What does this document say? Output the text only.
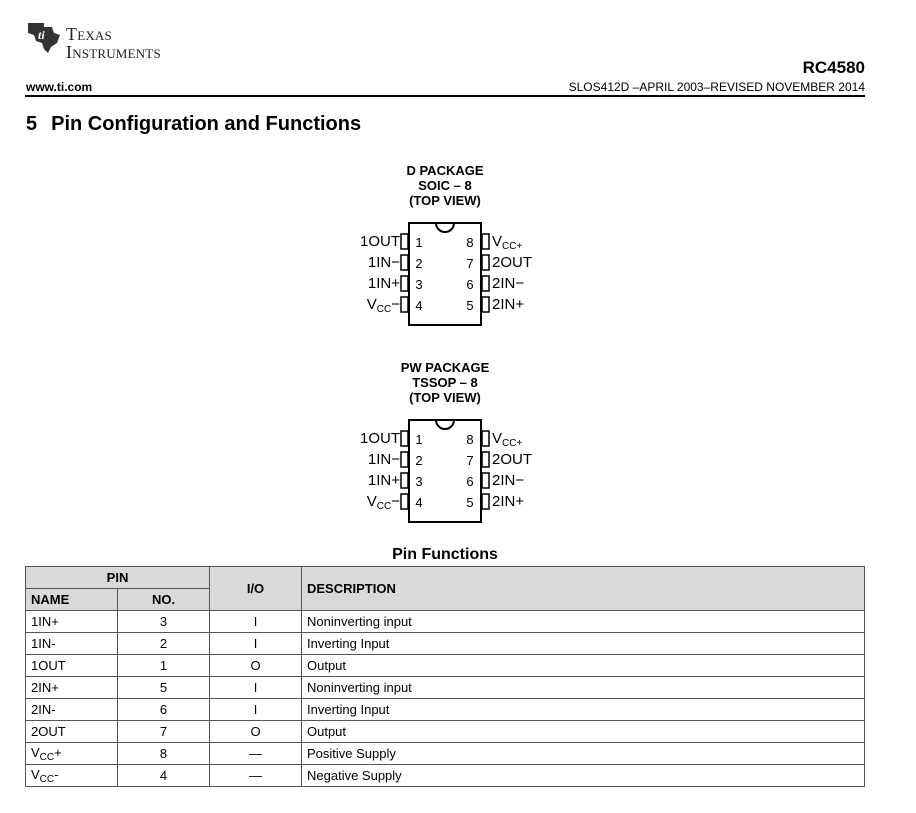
ti Texas
Instruments
RC4580
www.ti.com	SLOS412D –APRIL 2003–REVISED NOVEMBER 2014
5 Pin Configuration and Functions
D PACKAGE
SOIC – 8
(TOP VIEW)
1OUT
1IN−
1IN+
$V_{CC}-$
1
2
3
4
8
7
6
5
$V_{CC+}$
2OUT
2IN−
2IN+
PW PACKAGE
TSSOP – 8
(TOP VIEW)
1OUT
1IN−
1IN+
$V_{CC}-$
1
2
3
4
8
7
6
5
$V_{CC+}$
2OUT
2IN−
2IN+
Pin Functions
PIN		I/O	DESCRIPTION
NAME	NO.		
1IN+	3	I	Noninverting input
1IN-	2	I	Inverting Input
1OUT	1	O	Output
2IN+	5	I	Noninverting input
2IN-	6	I	Inverting Input
2OUT	7	O	Output
$V_{CC}+$	8	—	Positive Supply
$V_{CC}-$	4	—	Negative Supply
